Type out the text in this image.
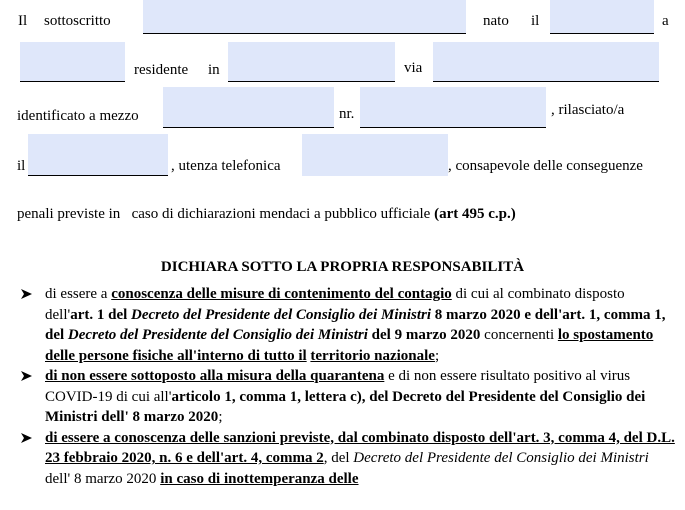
Il sottoscritto	nato il	a
residente in	via
identificato a mezzo	nr.	, rilasciato/a
il	, utenza telefonica	, consapevole delle conseguenze
penali previste in caso di dichiarazioni mendaci a pubblico ufficiale (art 495 c.p.)
DICHIARA SOTTO LA PROPRIA RESPONSABILITÀ
di essere a conoscenza delle misure di contenimento del contagio di cui al combinato disposto dell'art. 1 del Decreto del Presidente del Consiglio dei Ministri 8 marzo 2020 e dell'art. 1, comma 1, del Decreto del Presidente del Consiglio dei Ministri del 9 marzo 2020 concernenti lo spostamento delle persone fisiche all'interno di tutto il territorio nazionale;
di non essere sottoposto alla misura della quarantena e di non essere risultato positivo al virus COVID-19 di cui all'articolo 1, comma 1, lettera c), del Decreto del Presidente del Consiglio dei Ministri dell' 8 marzo 2020;
di essere a conoscenza delle sanzioni previste, dal combinato disposto dell'art. 3, comma 4, del D.L. 23 febbraio 2020, n. 6 e dell'art. 4, comma 2, del Decreto del Presidente del Consiglio dei Ministri dell' 8 marzo 2020 in caso di inottemperanza delle
